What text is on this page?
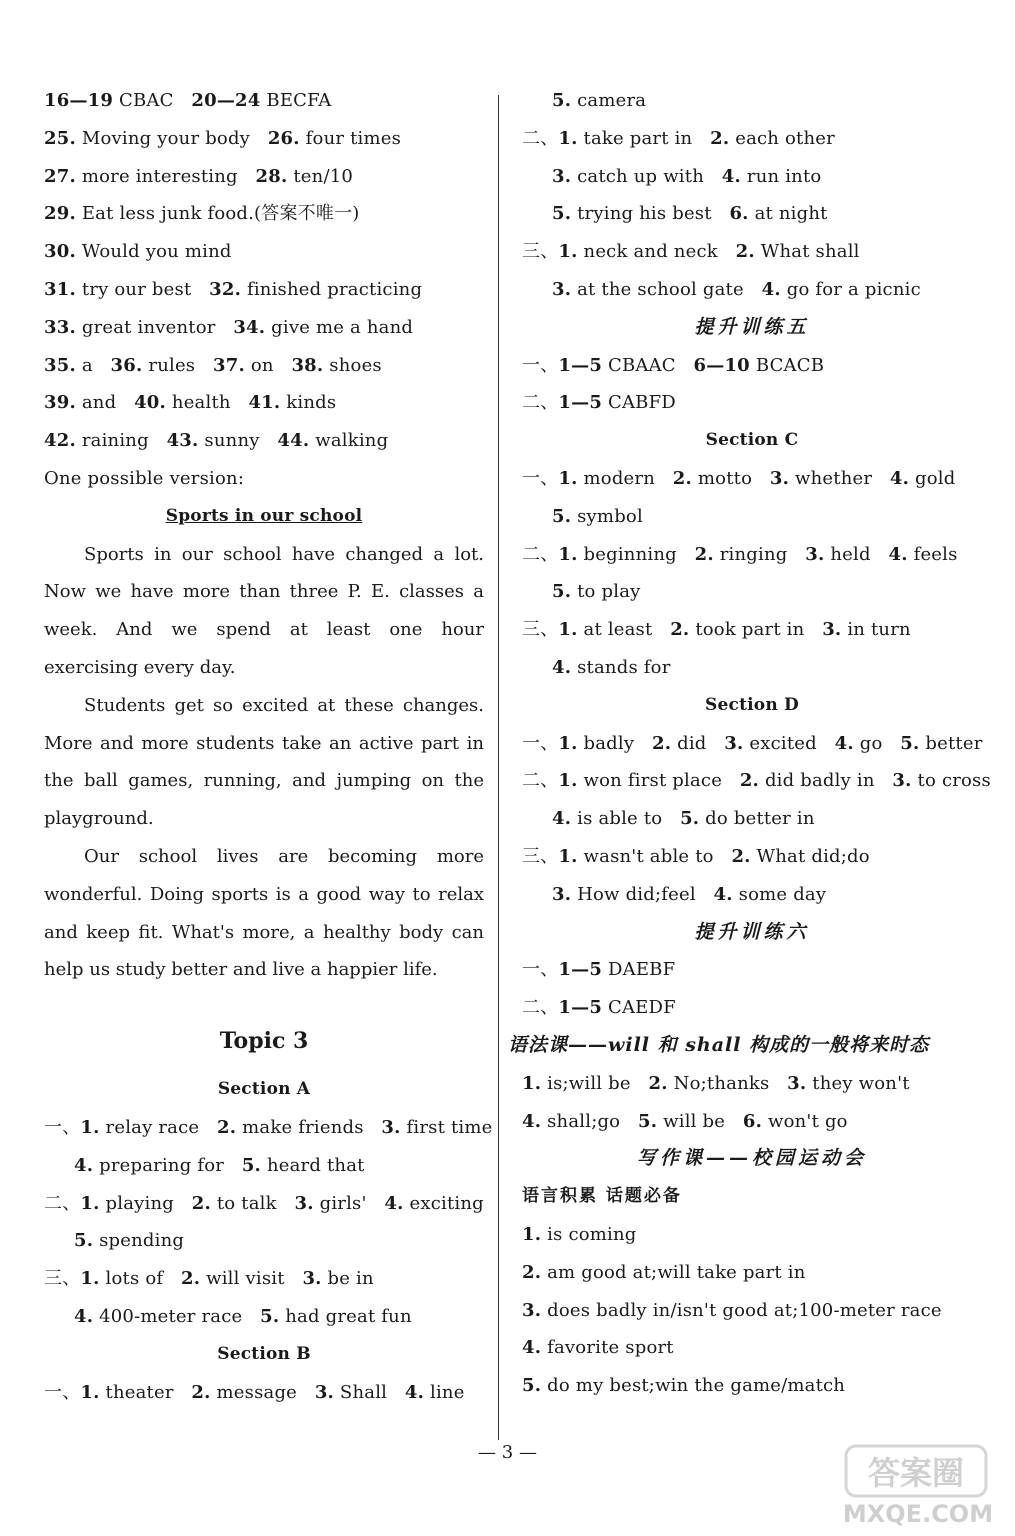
16—19 CBAC   20—24 BECFA
25. Moving your body   26. four times
27. more interesting   28. ten/10
29. Eat less junk food.(答案不唯一)
30. Would you mind
31. try our best   32. finished practicing
33. great inventor   34. give me a hand
35. a   36. rules   37. on   38. shoes
39. and   40. health   41. kinds
42. raining   43. sunny   44. walking
One possible version:
Sports in our school
Sports in our school have changed a lot. Now we have more than three P. E. classes a week. And we spend at least one hour exercising every day.
Students get so excited at these changes. More and more students take an active part in the ball games, running, and jumping on the playground.
Our school lives are becoming more wonderful. Doing sports is a good way to relax and keep fit. What's more, a healthy body can help us study better and live a happier life.
Topic 3
Section A
一、1. relay race   2. make friends   3. first time
4. preparing for   5. heard that
二、1. playing   2. to talk   3. girls'   4. exciting
5. spending
三、1. lots of   2. will visit   3. be in
4. 400-meter race   5. had great fun
Section B
一、1. theater   2. message   3. Shall   4. line
5. camera
二、1. take part in   2. each other
3. catch up with   4. run into
5. trying his best   6. at night
三、1. neck and neck   2. What shall
3. at the school gate   4. go for a picnic
提升训练五
一、1—5 CBAAC   6—10 BCACB
二、1—5 CABFD
Section C
一、1. modern   2. motto   3. whether   4. gold
5. symbol
二、1. beginning   2. ringing   3. held   4. feels
5. to play
三、1. at least   2. took part in   3. in turn
4. stands for
Section D
一、1. badly   2. did   3. excited   4. go   5. better
二、1. won first place   2. did badly in   3. to cross
4. is able to   5. do better in
三、1. wasn't able to   2. What did;do
3. How did;feel   4. some day
提升训练六
一、1—5 DAEBF
二、1—5 CAEDF
语法课——will 和 shall 构成的一般将来时态
1. is;will be   2. No;thanks   3. they won't
4. shall;go   5. will be   6. won't go
写作课——校园运动会
语言积累 话题必备
1. is coming
2. am good at;will take part in
3. does badly in/isn't good at;100-meter race
4. favorite sport
5. do my best;win the game/match
— 3 —
答案圈
MXQE.COM
